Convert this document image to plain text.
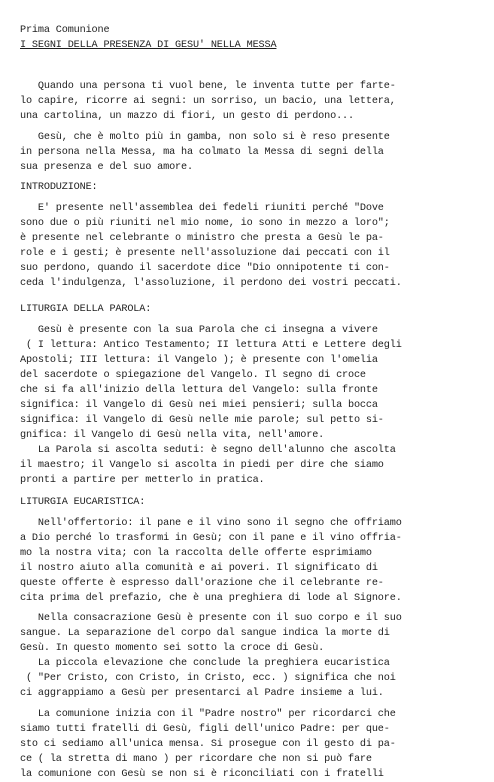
Prima Comunione
I SEGNI DELLA PRESENZA DI GESU' NELLA MESSA
Quando una persona ti vuol bene, le inventa tutte per farte-
lo capire, ricorre ai segni: un sorriso, un bacio, una lettera,
una cartolina, un mazzo di fiori, un gesto di perdono...
Gesù, che è molto più in gamba, non solo si è reso presente
in persona nella Messa, ma ha colmato la Messa di segni della
sua presenza e del suo amore.
INTRODUZIONE:
E' presente nell'assemblea dei fedeli riuniti perché "Dove
sono due o più riuniti nel mio nome, io sono in mezzo a loro";
è presente nel celebrante o ministro che presta a Gesù le pa-
role e i gesti; è presente nell'assoluzione dai peccati con il
suo perdono, quando il sacerdote dice "Dio onnipotente ti con-
ceda l'indulgenza, l'assoluzione, il perdono dei vostri peccati.
LITURGIA DELLA PAROLA:
Gesù è presente con la sua Parola che ci insegna a vivere
( I lettura: Antico Testamento; II lettura Atti e Lettere degli
Apostoli; III lettura: il Vangelo ); è presente con l'omelia
del sacerdote o spiegazione del Vangelo. Il segno di croce
che si fa all'inizio della lettura del Vangelo: sulla fronte
significa: il Vangelo di Gesù nei miei pensieri; sulla bocca
significa: il Vangelo di Gesù nelle mie parole; sul petto si-
gnifica: il Vangelo di Gesù nella vita, nell'amore.
La Parola si ascolta seduti: è segno dell'alunno che ascolta
il maestro; il Vangelo si ascolta in piedi per dire che siamo
pronti a partire per metterlo in pratica.
LITURGIA EUCARISTICA:
Nell'offertorio: il pane e il vino sono il segno che offriamo
a Dio perché lo trasformi in Gesù; con il pane e il vino offria-
mo la nostra vita; con la raccolta delle offerte esprimiamo
il nostro aiuto alla comunità e ai poveri. Il significato di
queste offerte è espresso dall'orazione che il celebrante re-
cita prima del prefazio, che è una preghiera di lode al Signore.
Nella consacrazione Gesù è presente con il suo corpo e il suo
sangue. La separazione del corpo dal sangue indica la morte di
Gesù. In questo momento sei sotto la croce di Gesù.
La piccola elevazione che conclude la preghiera eucaristica
( "Per Cristo, con Cristo, in Cristo, ecc. ) significa che noi
ci aggrappiamo a Gesù per presentarci al Padre insieme a lui.
La comunione inizia con il "Padre nostro" per ricordarci che
siamo tutti fratelli di Gesù, figli dell'unico Padre: per que-
sto ci sediamo all'unica mensa. Si prosegue con il gesto di pa-
ce ( la stretta di mano ) per ricordare che non si può fare
la comunione con Gesù se non si è riconciliati con i fratelli
